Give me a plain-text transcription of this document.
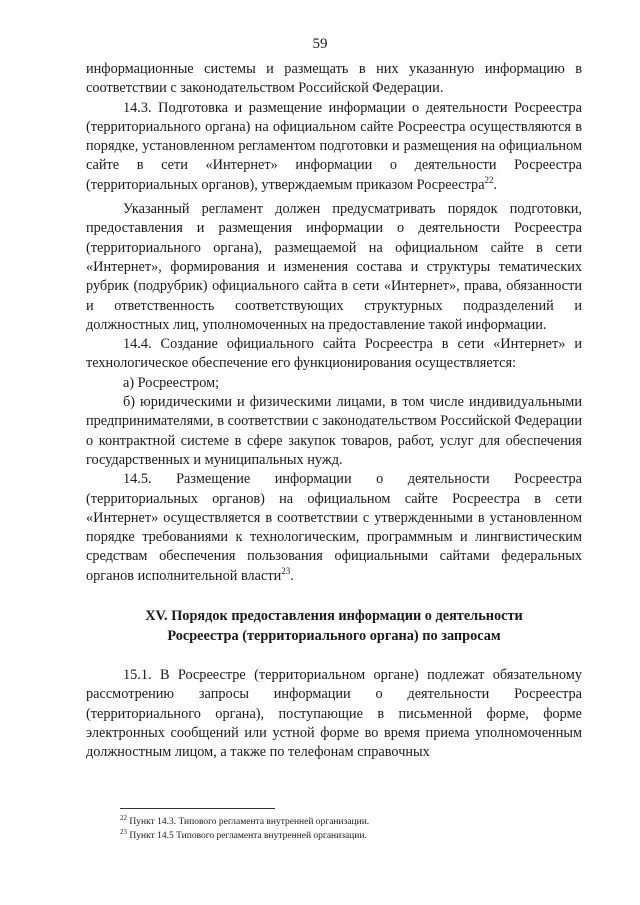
59

информационные системы и размещать в них указанную информацию в соответствии с законодательством Российской Федерации.

14.3. Подготовка и размещение информации о деятельности Росреестра (территориального органа) на официальном сайте Росреестра осуществляются в порядке, установленном регламентом подготовки и размещения на официальном сайте в сети «Интернет» информации о деятельности Росреестра (территориальных органов), утверждаемым приказом Росреестра$^{22}$.

Указанный регламент должен предусматривать порядок подготовки, предоставления и размещения информации о деятельности Росреестра (территориального органа), размещаемой на официальном сайте в сети «Интернет», формирования и изменения состава и структуры тематических рубрик (подрубрик) официального сайта в сети «Интернет», права, обязанности и ответственность соответствующих структурных подразделений и должностных лиц, уполномоченных на предоставление такой информации.

14.4. Создание официального сайта Росреестра в сети «Интернет» и технологическое обеспечение его функционирования осуществляется:

а) Росреестром;

б) юридическими и физическими лицами, в том числе индивидуальными предпринимателями, в соответствии с законодательством Российской Федерации о контрактной системе в сфере закупок товаров, работ, услуг для обеспечения государственных и муниципальных нужд.

14.5. Размещение информации о деятельности Росреестра (территориальных органов) на официальном сайте Росреестра в сети «Интернет» осуществляется в соответствии с утвержденными в установленном порядке требованиями к технологическим, программным и лингвистическим средствам обеспечения пользования официальными сайтами федеральных органов исполнительной власти$^{23}$.

XV. Порядок предоставления информации о деятельности
Росреестра (территориального органа) по запросам

15.1. В Росреестре (территориальном органе) подлежат обязательному рассмотрению запросы информации о деятельности Росреестра (территориального органа), поступающие в письменной форме, форме электронных сообщений или устной форме во время приема уполномоченным должностным лицом, а также по телефонам справочных

$^{22}$ Пункт 14.3. Типового регламента внутренней организации.

$^{23}$ Пункт 14.5 Типового регламента внутренней организации.
